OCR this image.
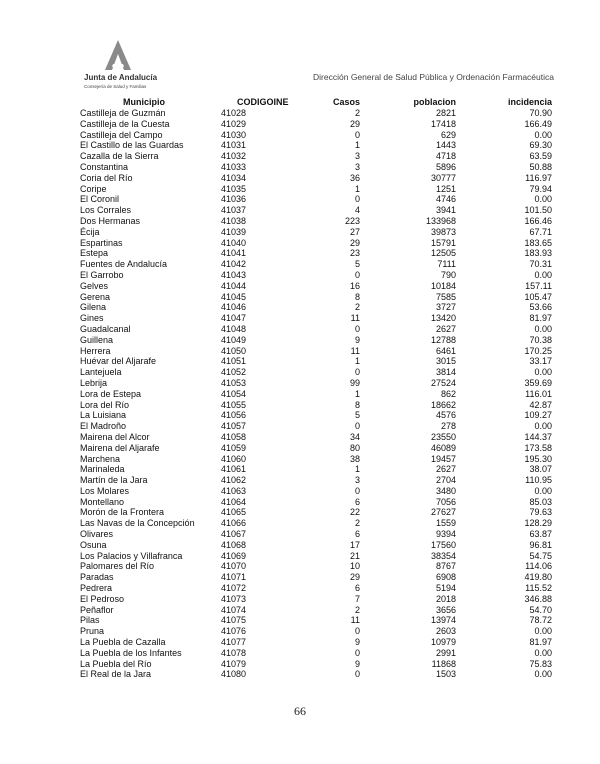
Junta de Andalucía
Consejería de Salud y Familias
Dirección General de Salud Pública y Ordenación Farmacéutica
Municipio	CODIGOINE	Casos	poblacion	incidencia
Castilleja de Guzmán	41028	2	2821	70.90
Castilleja de la Cuesta	41029	29	17418	166.49
Castilleja del Campo	41030	0	629	0.00
El Castillo de las Guardas	41031	1	1443	69.30
Cazalla de la Sierra	41032	3	4718	63.59
Constantina	41033	3	5896	50.88
Coria del Río	41034	36	30777	116.97
Coripe	41035	1	1251	79.94
El Coronil	41036	0	4746	0.00
Los Corrales	41037	4	3941	101.50
Dos Hermanas	41038	223	133968	166.46
Écija	41039	27	39873	67.71
Espartinas	41040	29	15791	183.65
Estepa	41041	23	12505	183.93
Fuentes de Andalucía	41042	5	7111	70.31
El Garrobo	41043	0	790	0.00
Gelves	41044	16	10184	157.11
Gerena	41045	8	7585	105.47
Gilena	41046	2	3727	53.66
Gines	41047	11	13420	81.97
Guadalcanal	41048	0	2627	0.00
Guillena	41049	9	12788	70.38
Herrera	41050	11	6461	170.25
Huévar del Aljarafe	41051	1	3015	33.17
Lantejuela	41052	0	3814	0.00
Lebrija	41053	99	27524	359.69
Lora de Estepa	41054	1	862	116.01
Lora del Río	41055	8	18662	42.87
La Luisiana	41056	5	4576	109.27
El Madroño	41057	0	278	0.00
Mairena del Alcor	41058	34	23550	144.37
Mairena del Aljarafe	41059	80	46089	173.58
Marchena	41060	38	19457	195.30
Marinaleda	41061	1	2627	38.07
Martín de la Jara	41062	3	2704	110.95
Los Molares	41063	0	3480	0.00
Montellano	41064	6	7056	85.03
Morón de la Frontera	41065	22	27627	79.63
Las Navas de la Concepción	41066	2	1559	128.29
Olivares	41067	6	9394	63.87
Osuna	41068	17	17560	96.81
Los Palacios y Villafranca	41069	21	38354	54.75
Palomares del Río	41070	10	8767	114.06
Paradas	41071	29	6908	419.80
Pedrera	41072	6	5194	115.52
El Pedroso	41073	7	2018	346.88
Peñaflor	41074	2	3656	54.70
Pilas	41075	11	13974	78.72
Pruna	41076	0	2603	0.00
La Puebla de Cazalla	41077	9	10979	81.97
La Puebla de los Infantes	41078	0	2991	0.00
La Puebla del Río	41079	9	11868	75.83
El Real de la Jara	41080	0	1503	0.00
66
